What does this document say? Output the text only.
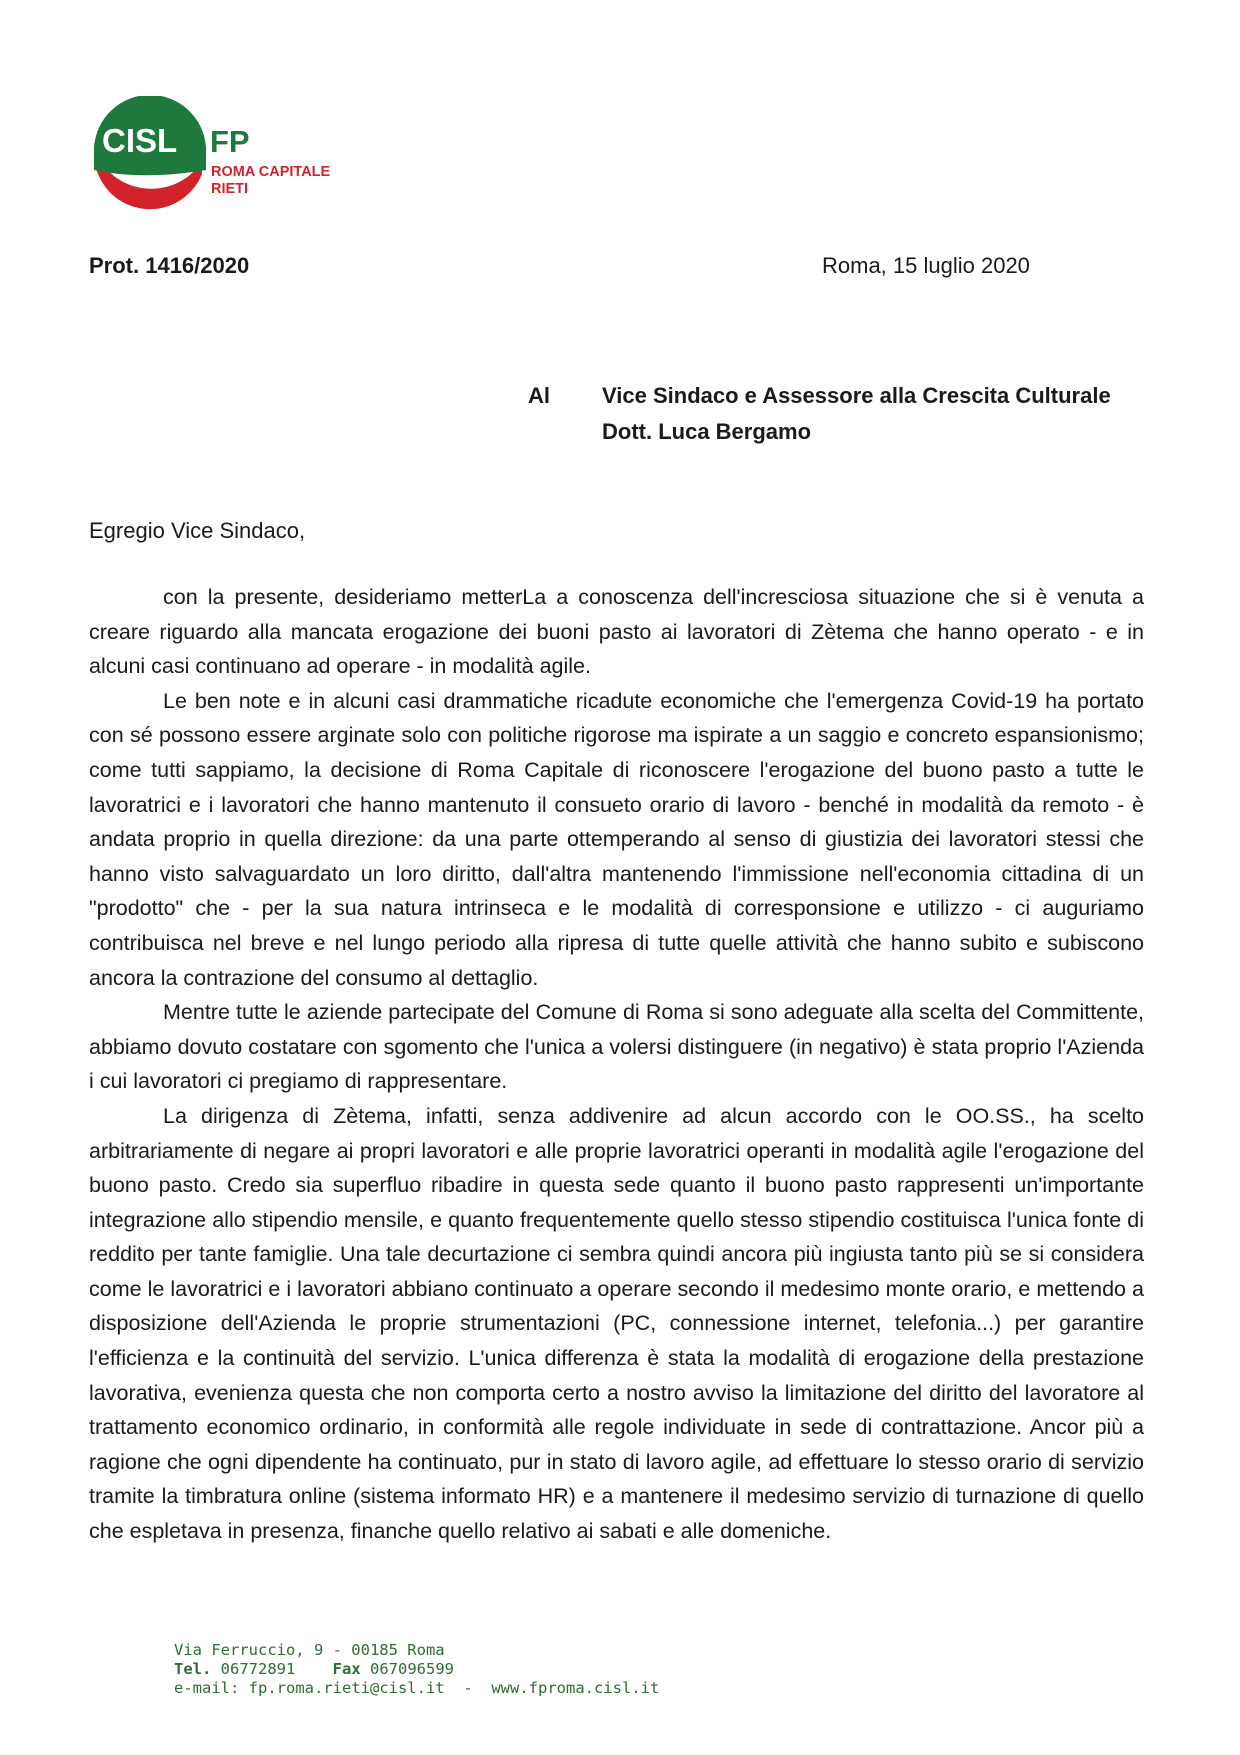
CISL FP
ROMA CAPITALE
RIETI
Prot. 1416/2020	Roma, 15 luglio 2020
Al Vice Sindaco e Assessore alla Crescita Culturale
Dott. Luca Bergamo
Egregio Vice Sindaco,

con la presente, desideriamo metterLa a conoscenza dell'incresciosa situazione che si è venuta a creare riguardo alla mancata erogazione dei buoni pasto ai lavoratori di Zètema che hanno operato - e in alcuni casi continuano ad operare - in modalità agile.

Le ben note e in alcuni casi drammatiche ricadute economiche che l'emergenza Covid-19 ha portato con sé possono essere arginate solo con politiche rigorose ma ispirate a un saggio e concreto espansionismo; come tutti sappiamo, la decisione di Roma Capitale di riconoscere l'erogazione del buono pasto a tutte le lavoratrici e i lavoratori che hanno mantenuto il consueto orario di lavoro - benché in modalità da remoto - è andata proprio in quella direzione: da una parte ottemperando al senso di giustizia dei lavoratori stessi che hanno visto salvaguardato un loro diritto, dall'altra mantenendo l'immissione nell'economia cittadina di un "prodotto" che - per la sua natura intrinseca e le modalità di corresponsione e utilizzo - ci auguriamo contribuisca nel breve e nel lungo periodo alla ripresa di tutte quelle attività che hanno subito e subiscono ancora la contrazione del consumo al dettaglio.

Mentre tutte le aziende partecipate del Comune di Roma si sono adeguate alla scelta del Committente, abbiamo dovuto costatare con sgomento che l'unica a volersi distinguere (in negativo) è stata proprio l'Azienda i cui lavoratori ci pregiamo di rappresentare.

La dirigenza di Zètema, infatti, senza addivenire ad alcun accordo con le OO.SS., ha scelto arbitrariamente di negare ai propri lavoratori e alle proprie lavoratrici operanti in modalità agile l'erogazione del buono pasto. Credo sia superfluo ribadire in questa sede quanto il buono pasto rappresenti un'importante integrazione allo stipendio mensile, e quanto frequentemente quello stesso stipendio costituisca l'unica fonte di reddito per tante famiglie. Una tale decurtazione ci sembra quindi ancora più ingiusta tanto più se si considera come le lavoratrici e i lavoratori abbiano continuato a operare secondo il medesimo monte orario, e mettendo a disposizione dell'Azienda le proprie strumentazioni (PC, connessione internet, telefonia...) per garantire l'efficienza e la continuità del servizio. L'unica differenza è stata la modalità di erogazione della prestazione lavorativa, evenienza questa che non comporta certo a nostro avviso la limitazione del diritto del lavoratore al trattamento economico ordinario, in conformità alle regole individuate in sede di contrattazione. Ancor più a ragione che ogni dipendente ha continuato, pur in stato di lavoro agile, ad effettuare lo stesso orario di servizio tramite la timbratura online (sistema informato HR) e a mantenere il medesimo servizio di turnazione di quello che espletava in presenza, finanche quello relativo ai sabati e alle domeniche.

Via Ferruccio, 9 - 00185 Roma
Tel. 06772891 Fax 067096599
e-mail: fp.roma.rieti@cisl.it - www.fproma.cisl.it
